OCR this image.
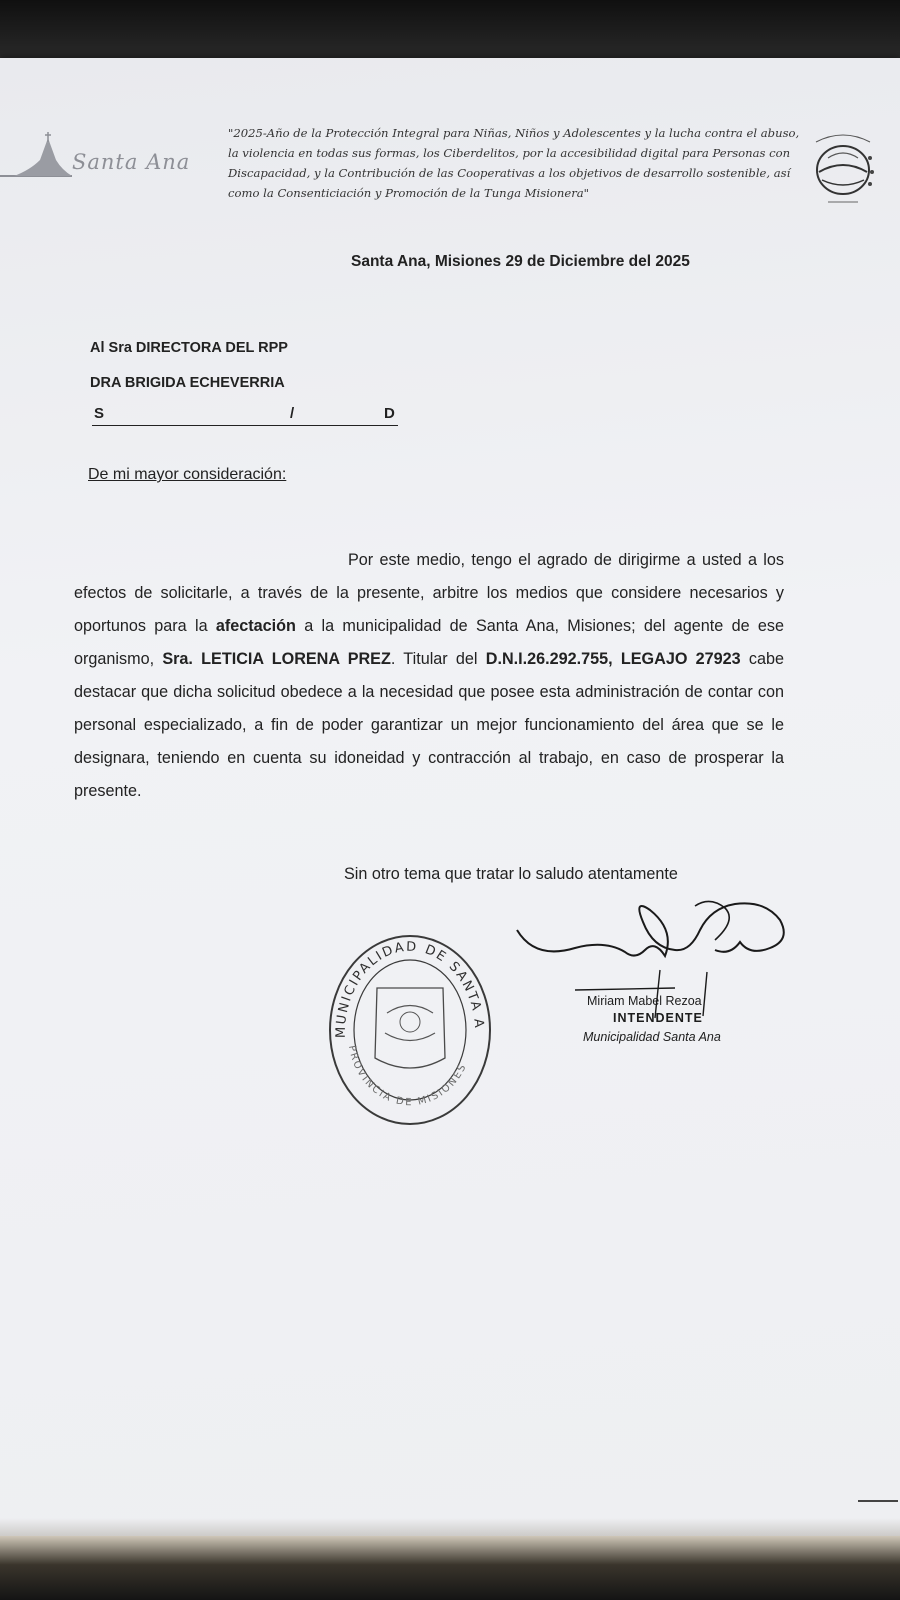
Santa Ana
"2025-Año de la Protección Integral para Niñas, Niños y Adolescentes y la lucha contra el abuso, la violencia en todas sus formas, los Ciberdelitos, por la accesibilidad digital para Personas con Discapacidad, y la Contribución de las Cooperativas a los objetivos de desarrollo sostenible, así como la Consenticiación y Promoción de la Tunga Misionera"
Santa Ana, Misiones 29 de Diciembre del 2025
Al Sra DIRECTORA DEL RPP
DRA BRIGIDA ECHEVERRIA
S	/	D
De mi mayor consideración:
Por este medio, tengo el agrado de dirigirme a usted a los efectos de solicitarle, a través de la presente, arbitre los medios que considere necesarios y oportunos para la afectación a la municipalidad de Santa Ana, Misiones; del agente de ese organismo, Sra. LETICIA LORENA PREZ. Titular del D.N.I.26.292.755, LEGAJO 27923 cabe destacar que dicha solicitud obedece a la necesidad que posee esta administración de contar con personal especializado, a fin de poder garantizar un mejor funcionamiento del área que se le designara, teniendo en cuenta su idoneidad y contracción al trabajo, en caso de prosperar la presente.
Sin otro tema que tratar lo saludo atentamente
MUNICIPALIDAD DE SANTA A
PROVINCIA DE MISIONES
Miriam Mabel Rezoa
INTENDENTE
Municipalidad Santa Ana
